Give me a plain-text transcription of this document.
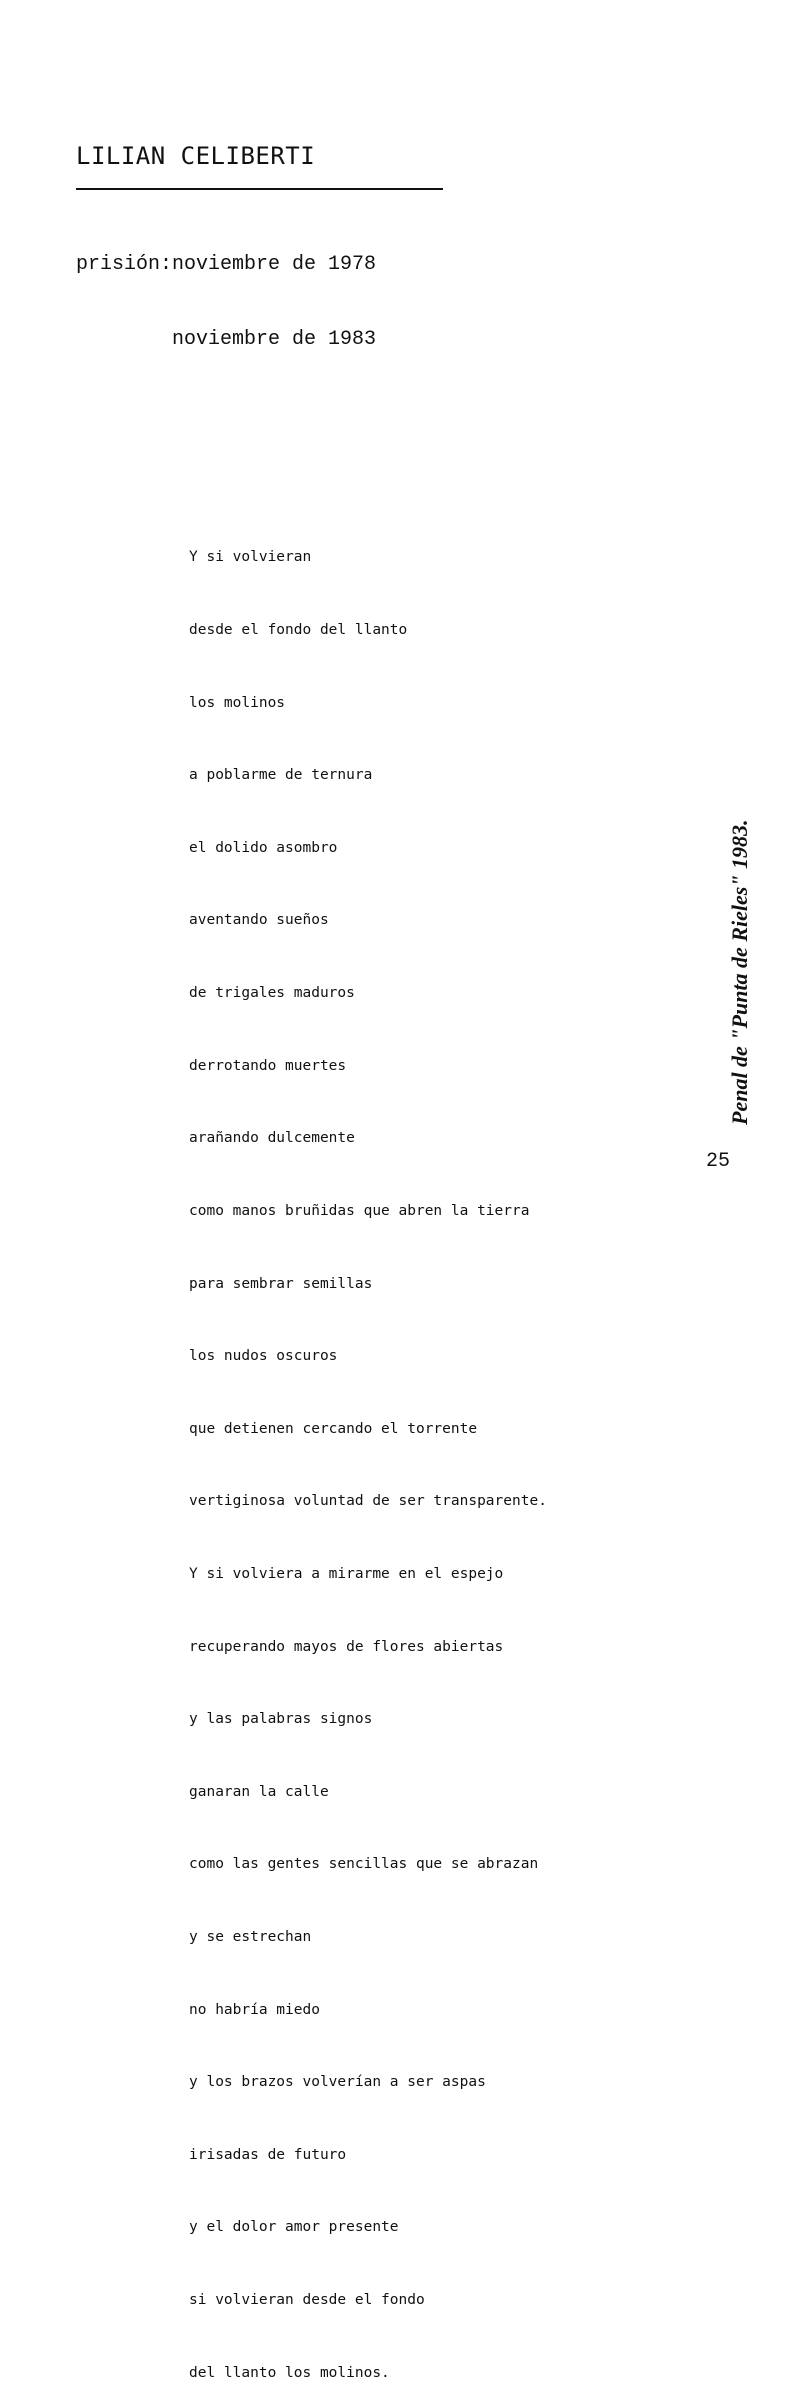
LILIAN CELIBERTI

prisión:noviembre de 1978

noviembre de 1983

Y si volvieran

desde el fondo del llanto

los molinos

a poblarme de ternura

el dolido asombro

aventando sueños

de trigales maduros

derrotando muertes

arañando dulcemente

como manos bruñidas que abren la tierra

para sembrar semillas

los nudos oscuros

que detienen cercando el torrente

vertiginosa voluntad de ser transparente.

Y si volviera a mirarme en el espejo

recuperando mayos de flores abiertas

y las palabras signos

ganaran la calle

como las gentes sencillas que se abrazan

y se estrechan

no habría miedo

y los brazos volverían a ser aspas

irisadas de futuro

y el dolor amor presente

si volvieran desde el fondo

del llanto los molinos.

Penal de "Punta de Rieles" 1983.
25
